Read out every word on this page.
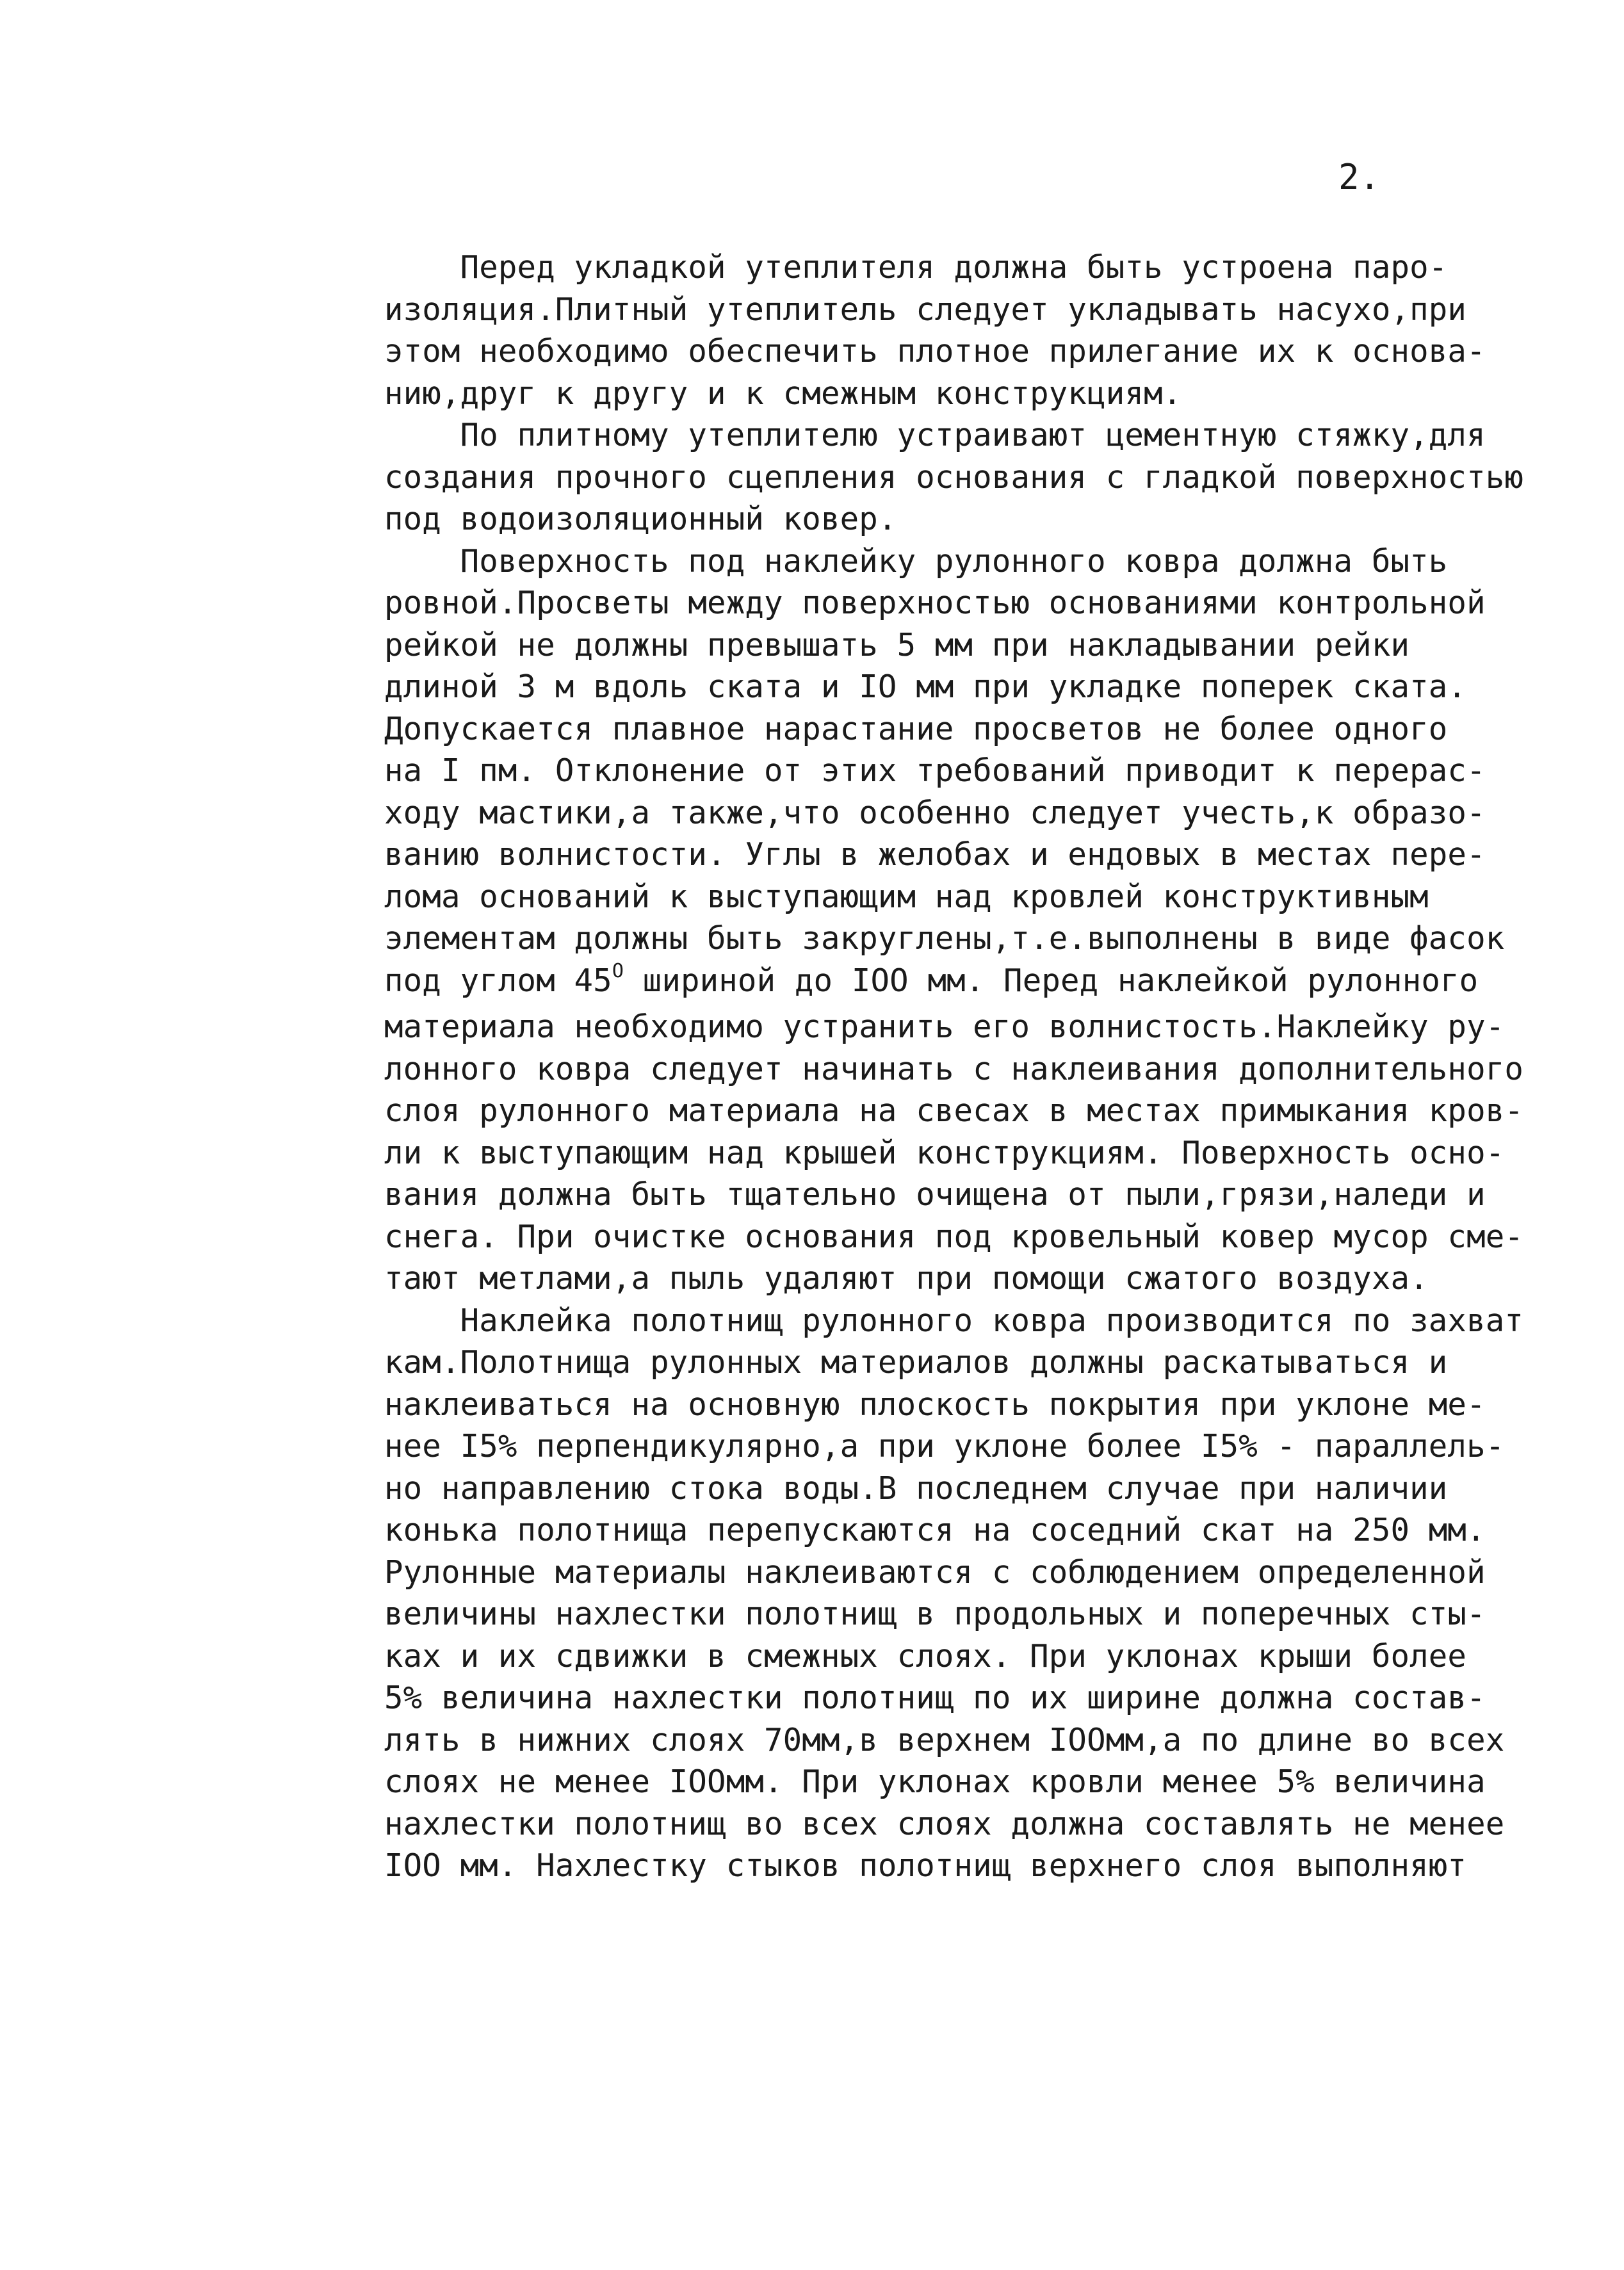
2.
Перед укладкой утеплителя должна быть устроена паро-
изоляция.Плитный утеплитель следует укладывать насухо,при
этом необходимо обеспечить плотное прилегание их к основа-
нию,друг к другу и к смежным конструкциям.
По плитному утеплителю устраивают цементную стяжку,для
создания прочного сцепления основания с гладкой поверхностью
под водоизоляционный ковер.
Поверхность под наклейку рулонного ковра должна быть
ровной.Просветы между поверхностью основаниями контрольной
рейкой не должны превышать 5 мм при накладывании рейки
длиной 3 м вдоль ската и IO мм при укладке поперек ската.
Допускается плавное нарастание просветов не более одного
на I пм. Отклонение от этих требований приводит к перерас-
ходу мастики,а также,что особенно следует учесть,к образо-
ванию волнистости. Углы в желобах и ендовых в местах пере-
лома оснований к выступающим над кровлей конструктивным
элементам должны быть закруглены,т.е.выполнены в виде фасок
под углом $45^O$ шириной до IOO мм. Перед наклейкой рулонного
материала необходимо устранить его волнистость.Наклейку ру-
лонного ковра следует начинать с наклеивания дополнительного
слоя рулонного материала на свесах в местах примыкания кров-
ли к выступающим над крышей конструкциям. Поверхность осно-
вания должна быть тщательно очищена от пыли,грязи,наледи и
снега. При очистке основания под кровельный ковер мусор сме-
тают метлами,а пыль удаляют при помощи сжатого воздуха.
Наклейка полотнищ рулонного ковра производится по захват
кам.Полотнища рулонных материалов должны раскатываться и
наклеиваться на основную плоскость покрытия при уклоне ме-
нее I5% перпендикулярно,а при уклоне более I5% - параллель-
но направлению стока воды.В последнем случае при наличии
конька полотнища перепускаются на соседний скат на 250 мм.
Рулонные материалы наклеиваются с соблюдением определенной
величины нахлестки полотнищ в продольных и поперечных сты-
ках и их сдвижки в смежных слоях. При уклонах крыши более
5% величина нахлестки полотнищ по их ширине должна состав-
лять в нижних слоях 70мм,в верхнем IOOмм,а по длине во всех
слоях не менее IOOмм. При уклонах кровли менее 5% величина
нахлестки полотнищ во всех слоях должна составлять не менее
IOO мм. Нахлестку стыков полотнищ верхнего слоя выполняют
